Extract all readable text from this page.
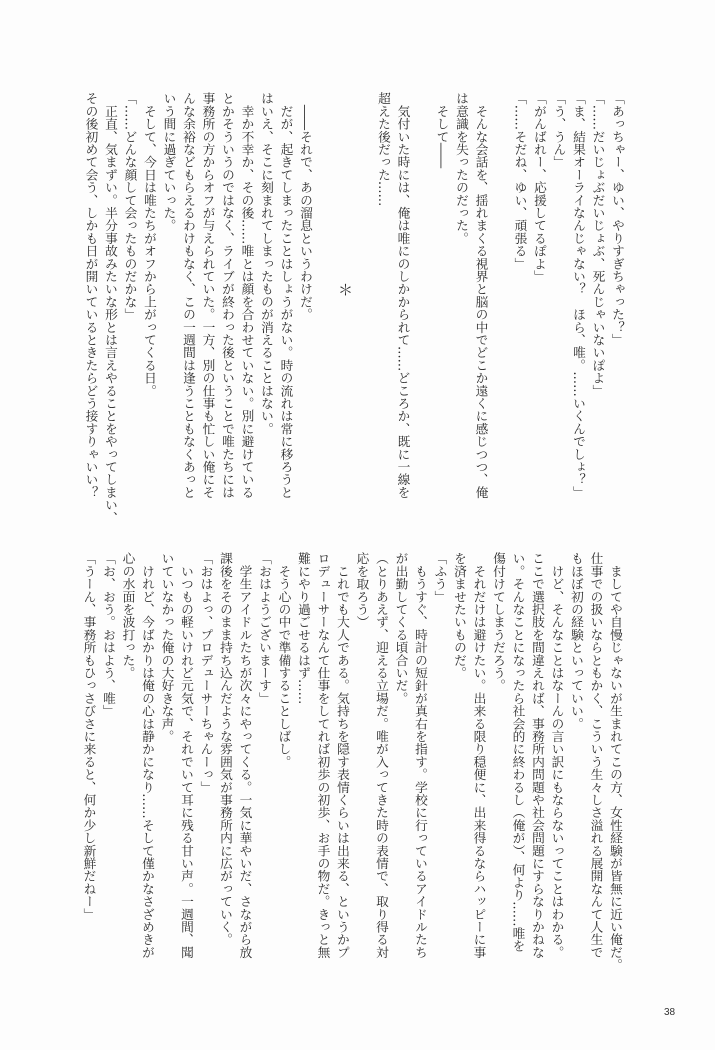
「あっちゃー、ゆい、やりすぎちゃった？」
「……だいじょぶだいじょぶ、死んじゃいないぽよ」
「ま、結果オーライなんじゃない？　ほら、唯。……いくんでしょ？」
「う、うん」
「がんばれー、応援してるぽよ」
「……そだね、ゆい、頑張る」
　そんな会話を、揺れまくる視界と脳の中でどこか遠くに感じつつ、俺
は意識を失ったのだった。
　そして――
　気付いた時には、俺は唯にのしかかられて……どころか、既に一線を
超えた後だった……
＊
　――それで、あの溜息というわけだ。
　だが、起きてしまったことはしょうがない。時の流れは常に移ろうと
はいえ、そこに刻まれてしまったものが消えることはない。
　幸か不幸か、その後……唯とは顔を合わせていない。別に避けている
とかそういうのではなく、ライブが終わった後ということで唯たちには
事務所の方からオフが与えられていた。一方、別の仕事も忙しい俺にそ
んな余裕などもらえるわけもなく、この一週間は逢うこともなくあっと
いう間に過ぎていった。
　そして、今日は唯たちがオフから上がってくる日。
「……どんな顔して会ったものだかな」
　正直、気まずい。半分事故みたいな形とは言えやることをやってしまい、
その後初めて会う、しかも日が開いているときたらどう接すりゃいい？
　ましてや自慢じゃないが生まれてこの方、女性経験が皆無に近い俺だ。
仕事での扱いならともかく、こういう生々しさ溢れる展開なんて人生で
もほぼ初の経験といっていい。
　けど、そんなことはなーんの言い訳にもならないってことはわかる。
ここで選択肢を間違えれば、事務所内問題や社会問題にすらなりかねな
い。そんなことになったら社会的に終わるし（俺が）、何より……唯を
傷付けてしまうだろう。
　それだけは避けたい。出来る限り穏便に、出来得るならハッピーに事
を済ませたいものだ。
「ふう」
　もうすぐ、時計の短針が真右を指す。学校に行っているアイドルたち
が出勤してくる頃合いだ。
（とりあえず、迎える立場だ。唯が入ってきた時の表情で、取り得る対
応を取ろう）
　これでも大人である。気持ちを隠す表情くらいは出来る、というかプ
ロデューサーなんて仕事をしてれば初歩の初歩、お手の物だ。きっと無
難にやり過ごせるはず……
　そう心の中で準備することしばし。
「おはようございまーす」
　学生アイドルたちが次々にやってくる。一気に華やいだ、さながら放
課後をそのまま持ち込んだような雰囲気が事務所内に広がっていく。
「おはよっ、プロデューサーちゃんーっ」
　いつもの軽いけれど元気で、それでいて耳に残る甘い声。一週間、聞
いていなかった俺の大好きな声。
　けれど、今ばかりは俺の心は静かになり……そして僅かなさざめきが
心の水面を波打った。
「お、おう。おはよう、唯」
「うーん、事務所もひっさびさに来ると、何か少し新鮮だねー」
38
